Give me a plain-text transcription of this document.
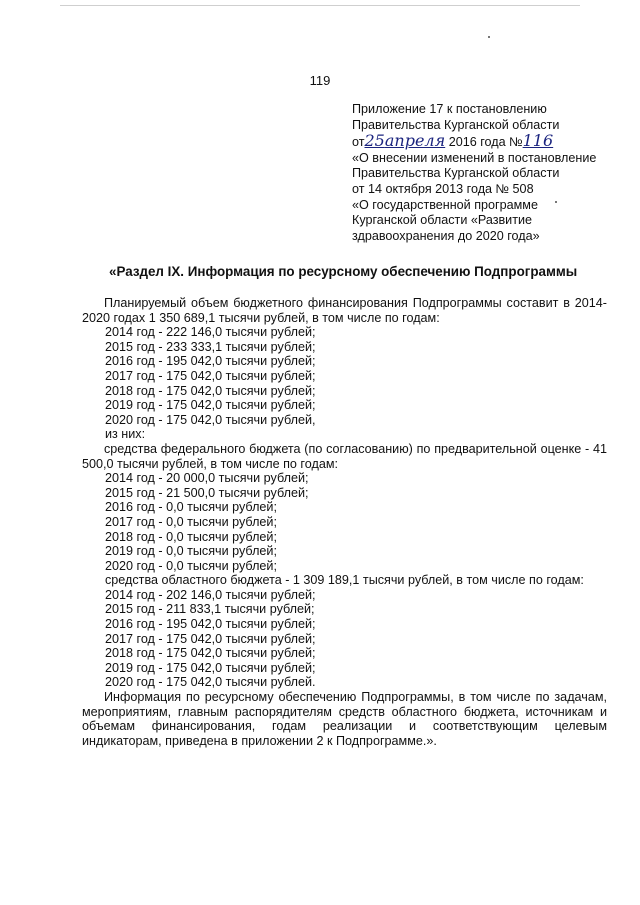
119
Приложение 17 к постановлению
Правительства Курганской области
от25апреля 2016 года №116
«О внесении изменений в постановление
Правительства Курганской области
от 14 октября 2013 года № 508
«О государственной программе
Курганской области «Развитие
здравоохранения до 2020 года»
«Раздел IX. Информация по ресурсному обеспечению Подпрограммы
Планируемый объем бюджетного финансирования Подпрограммы составит в 2014-2020 годах 1 350 689,1 тысячи рублей, в том числе по годам:
2014 год - 222 146,0 тысячи рублей;
2015 год - 233 333,1 тысячи рублей;
2016 год - 195 042,0 тысячи рублей;
2017 год - 175 042,0 тысячи рублей;
2018 год - 175 042,0 тысячи рублей;
2019 год - 175 042,0 тысячи рублей;
2020 год - 175 042,0 тысячи рублей,
из них:
средства федерального бюджета (по согласованию) по предварительной оценке - 41 500,0 тысячи рублей, в том числе по годам:
2014 год - 20 000,0 тысячи рублей;
2015 год - 21 500,0 тысячи рублей;
2016 год - 0,0 тысячи рублей;
2017 год - 0,0 тысячи рублей;
2018 год - 0,0 тысячи рублей;
2019 год - 0,0 тысячи рублей;
2020 год - 0,0 тысячи рублей;
средства областного бюджета - 1 309 189,1 тысячи рублей, в том числе по годам:
2014 год - 202 146,0 тысячи рублей;
2015 год - 211 833,1 тысячи рублей;
2016 год - 195 042,0 тысячи рублей;
2017 год - 175 042,0 тысячи рублей;
2018 год - 175 042,0 тысячи рублей;
2019 год - 175 042,0 тысячи рублей;
2020 год - 175 042,0 тысячи рублей.
Информация по ресурсному обеспечению Подпрограммы, в том числе по задачам, мероприятиям, главным распорядителям средств областного бюджета, источникам и объемам финансирования, годам реализации и соответствующим целевым индикаторам, приведена в приложении 2 к Подпрограмме.».
